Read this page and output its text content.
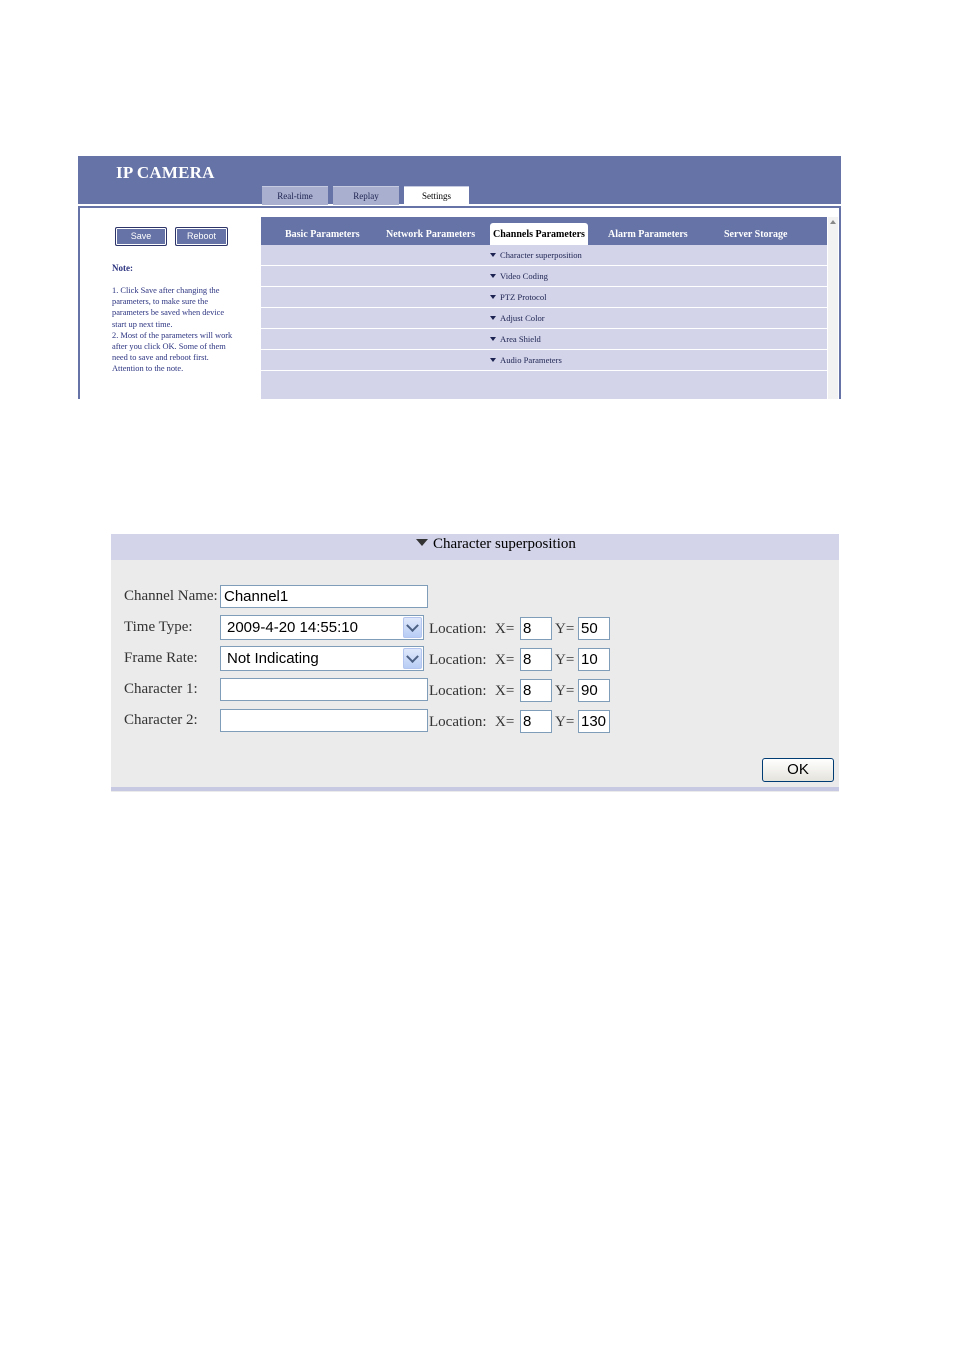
IP CAMERA
Real-time	Replay	Settings
Save	Reboot
Note:

1. Click Save after changing the parameters, to make sure the parameters be saved when device start up next time.

2. Most of the parameters will work after you click OK. Some of them need to save and reboot first. Attention to the note.

Basic Parameters	Network Parameters	Channels Parameters	Alarm Parameters	Server Storage
Character superposition
Video Coding
PTZ Protocol
Adjust Color
Area Shield
Audio Parameters
Character superposition
Channel Name: Channel1
Time Type: 2009-4-20 14:55:10	Location: X= 8	Y= 50
Frame Rate: Not Indicating	Location: X= 8	Y= 10
Character 1:	Location: X= 8	Y= 90
Character 2:	Location: X= 8	Y= 130
OK
